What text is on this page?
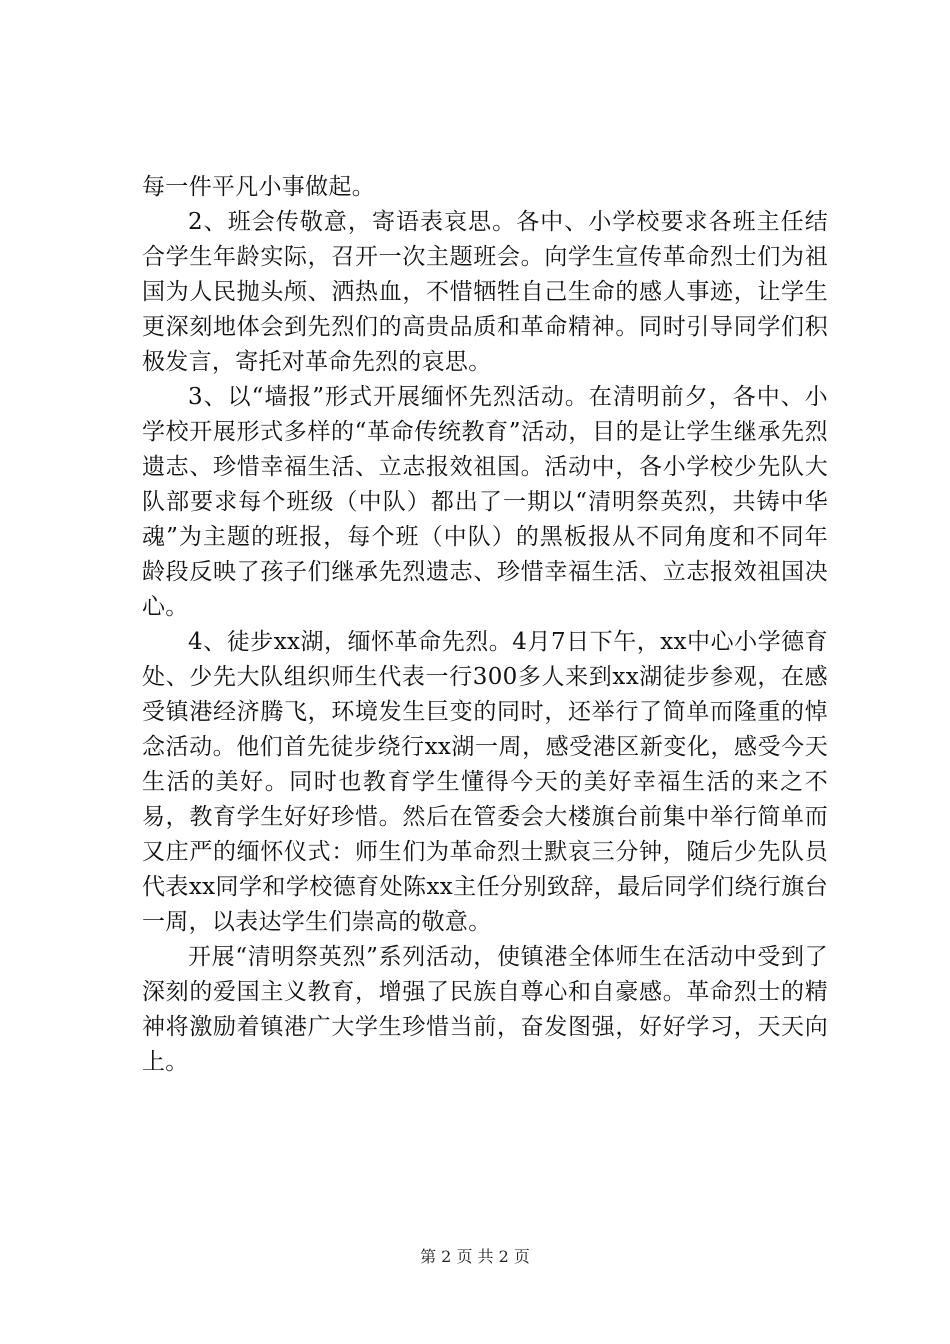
每一件平凡小事做起。

2、班会传敬意，寄语表哀思。各中、小学校要求各班主任结合学生年龄实际，召开一次主题班会。向学生宣传革命烈士们为祖国为人民抛头颅、洒热血，不惜牺牲自己生命的感人事迹，让学生更深刻地体会到先烈们的高贵品质和革命精神。同时引导同学们积极发言，寄托对革命先烈的哀思。

3、以“墙报”形式开展缅怀先烈活动。在清明前夕，各中、小学校开展形式多样的“革命传统教育”活动，目的是让学生继承先烈遗志、珍惜幸福生活、立志报效祖国。活动中，各小学校少先队大队部要求每个班级（中队）都出了一期以“清明祭英烈，共铸中华魂”为主题的班报，每个班（中队）的黑板报从不同角度和不同年龄段反映了孩子们继承先烈遗志、珍惜幸福生活、立志报效祖国决心。

4、徒步xx湖，缅怀革命先烈。4月7日下午，xx中心小学德育处、少先大队组织师生代表一行300多人来到xx湖徒步参观，在感受镇港经济腾飞，环境发生巨变的同时，还举行了简单而隆重的悼念活动。他们首先徒步绕行xx湖一周，感受港区新变化，感受今天生活的美好。同时也教育学生懂得今天的美好幸福生活的来之不易，教育学生好好珍惜。然后在管委会大楼旗台前集中举行简单而又庄严的缅怀仪式：师生们为革命烈士默哀三分钟，随后少先队员代表xx同学和学校德育处陈xx主任分别致辞，最后同学们绕行旗台一周，以表达学生们崇高的敬意。

开展“清明祭英烈”系列活动，使镇港全体师生在活动中受到了深刻的爱国主义教育，增强了民族自尊心和自豪感。革命烈士的精神将激励着镇港广大学生珍惜当前，奋发图强，好好学习，天天向上。

第 2 页 共 2 页
